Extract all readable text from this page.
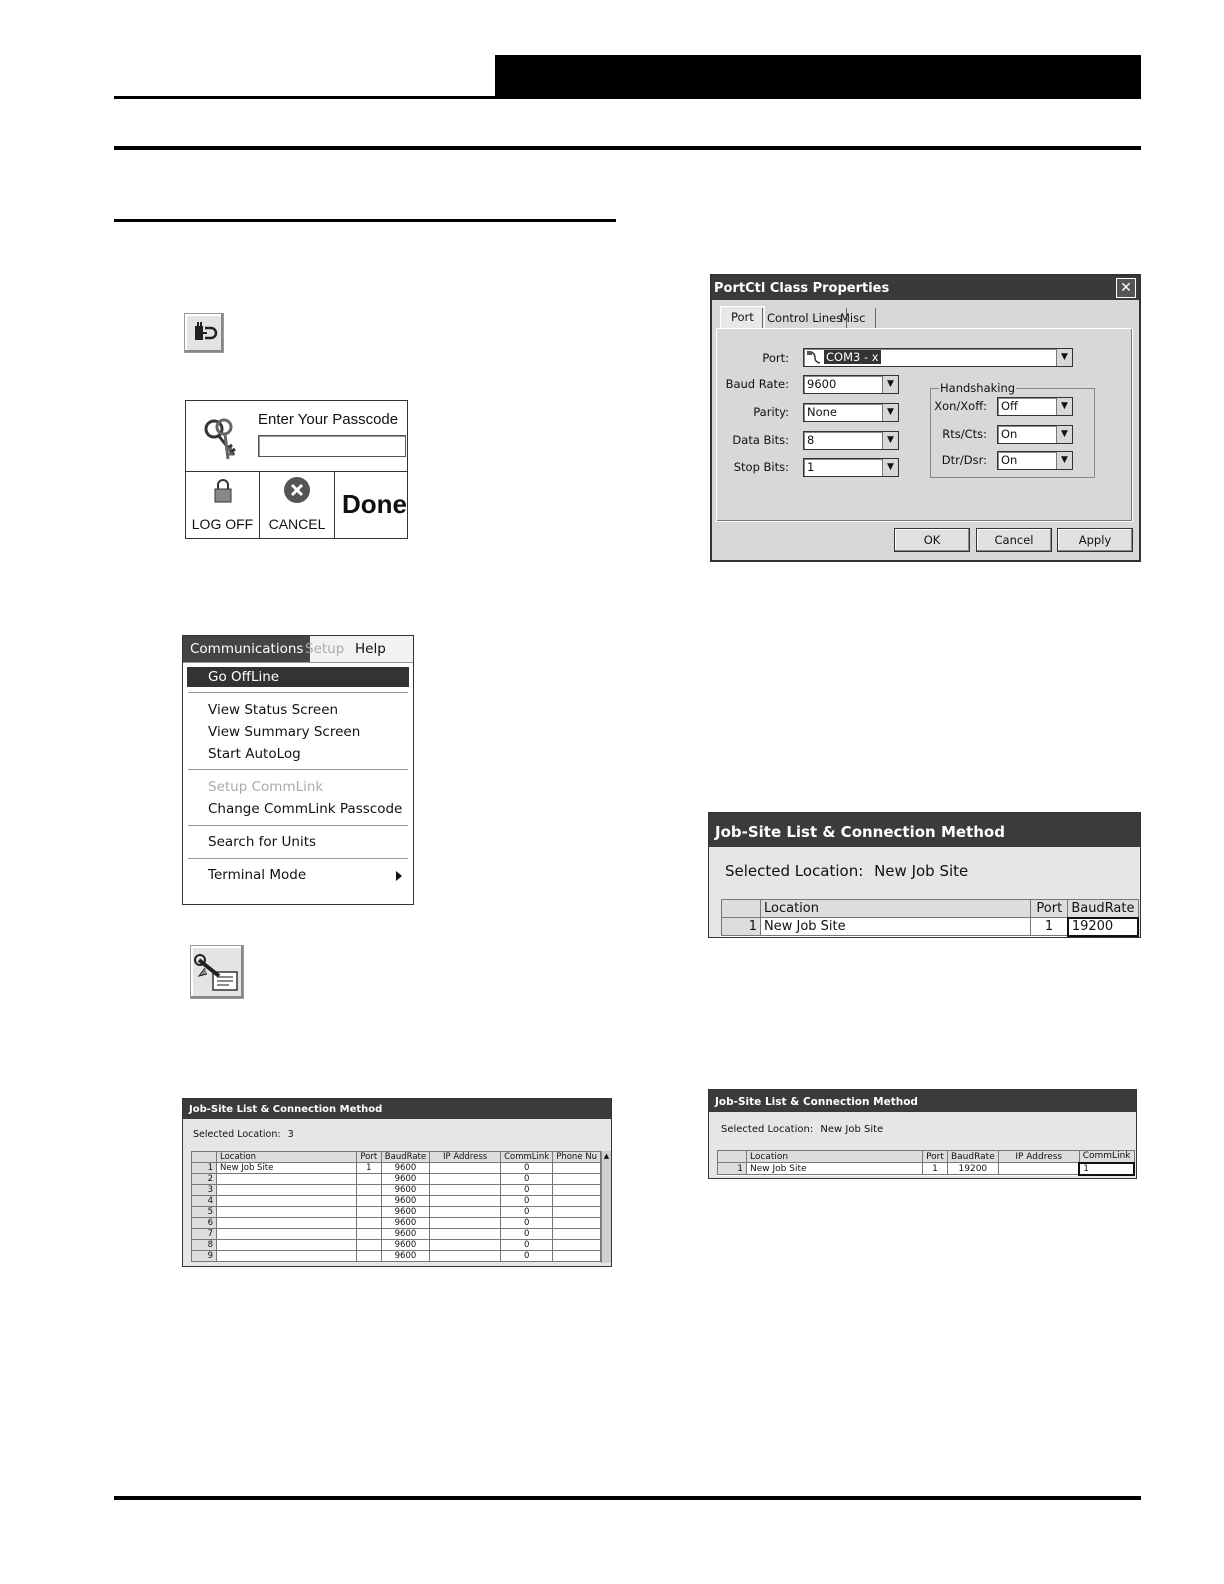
Enter Your Passcode
LOG OFF	CANCEL
Done
Communications Setup Help
Go OffLine
View Status Screen
View Summary Screen
Start AutoLog
Setup CommLink
Change CommLink Passcode
Search for Units
Terminal Mode
PortCtl Class Properties	✕
Port	Control Lines
Misc
Port:	COM3 - x	▼
Baud Rate: 9600	▼
Parity: None	▼
Data Bits: 8	▼
Stop Bits: 1	▼
Handshaking
Xon/Xoff: Off	▼
Rts/Cts: On	▼
Dtr/Dsr: On	▼
OK	Cancel	Apply
Job-Site List & Connection Method
Selected Location: New Job Site
	Location	Port	BaudRate
1	New Job Site	1	19200
Job-Site List & Connection Method
Selected Location: New Job Site
	Location	Port	BaudRate	IP Address	CommLink
1	New Job Site	1	19200		1
Job-Site List & Connection Method
Selected Location: 3
	Location	Port	BaudRate	IP Address	CommLink	Phone Nu
1	New Job Site	1	9600		0	
2			9600		0	
3			9600		0	
4			9600		0	
5			9600		0	
6			9600		0	
7			9600		0	
8			9600		0	
9			9600		0	
▲
